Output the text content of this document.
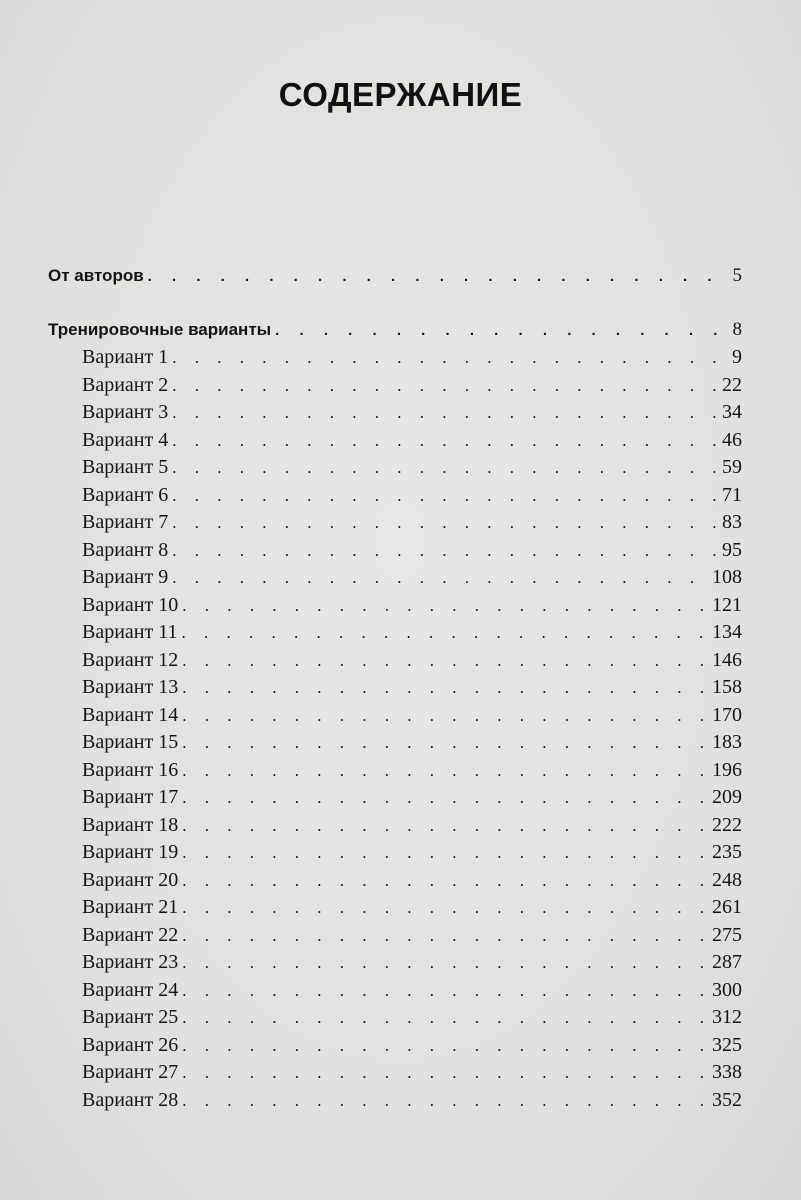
СОДЕРЖАНИЕ
От авторов . . .	5
Тренировочные варианты . . .	8
Вариант 1 . . .	9
Вариант 2 . . .	22
Вариант 3 . . .	34
Вариант 4 . . .	46
Вариант 5 . . .	59
Вариант 6 . . .	71
Вариант 7 . . .	83
Вариант 8 . . .	95
Вариант 9 . . .	108
Вариант 10 . . .	121
Вариант 11 . . .	134
Вариант 12 . . .	146
Вариант 13 . . .	158
Вариант 14 . . .	170
Вариант 15 . . .	183
Вариант 16 . . .	196
Вариант 17 . . .	209
Вариант 18 . . .	222
Вариант 19 . . .	235
Вариант 20 . . .	248
Вариант 21 . . .	261
Вариант 22 . . .	275
Вариант 23 . . .	287
Вариант 24 . . .	300
Вариант 25 . . .	312
Вариант 26 . . .	325
Вариант 27 . . .	338
Вариант 28 . . .	352
